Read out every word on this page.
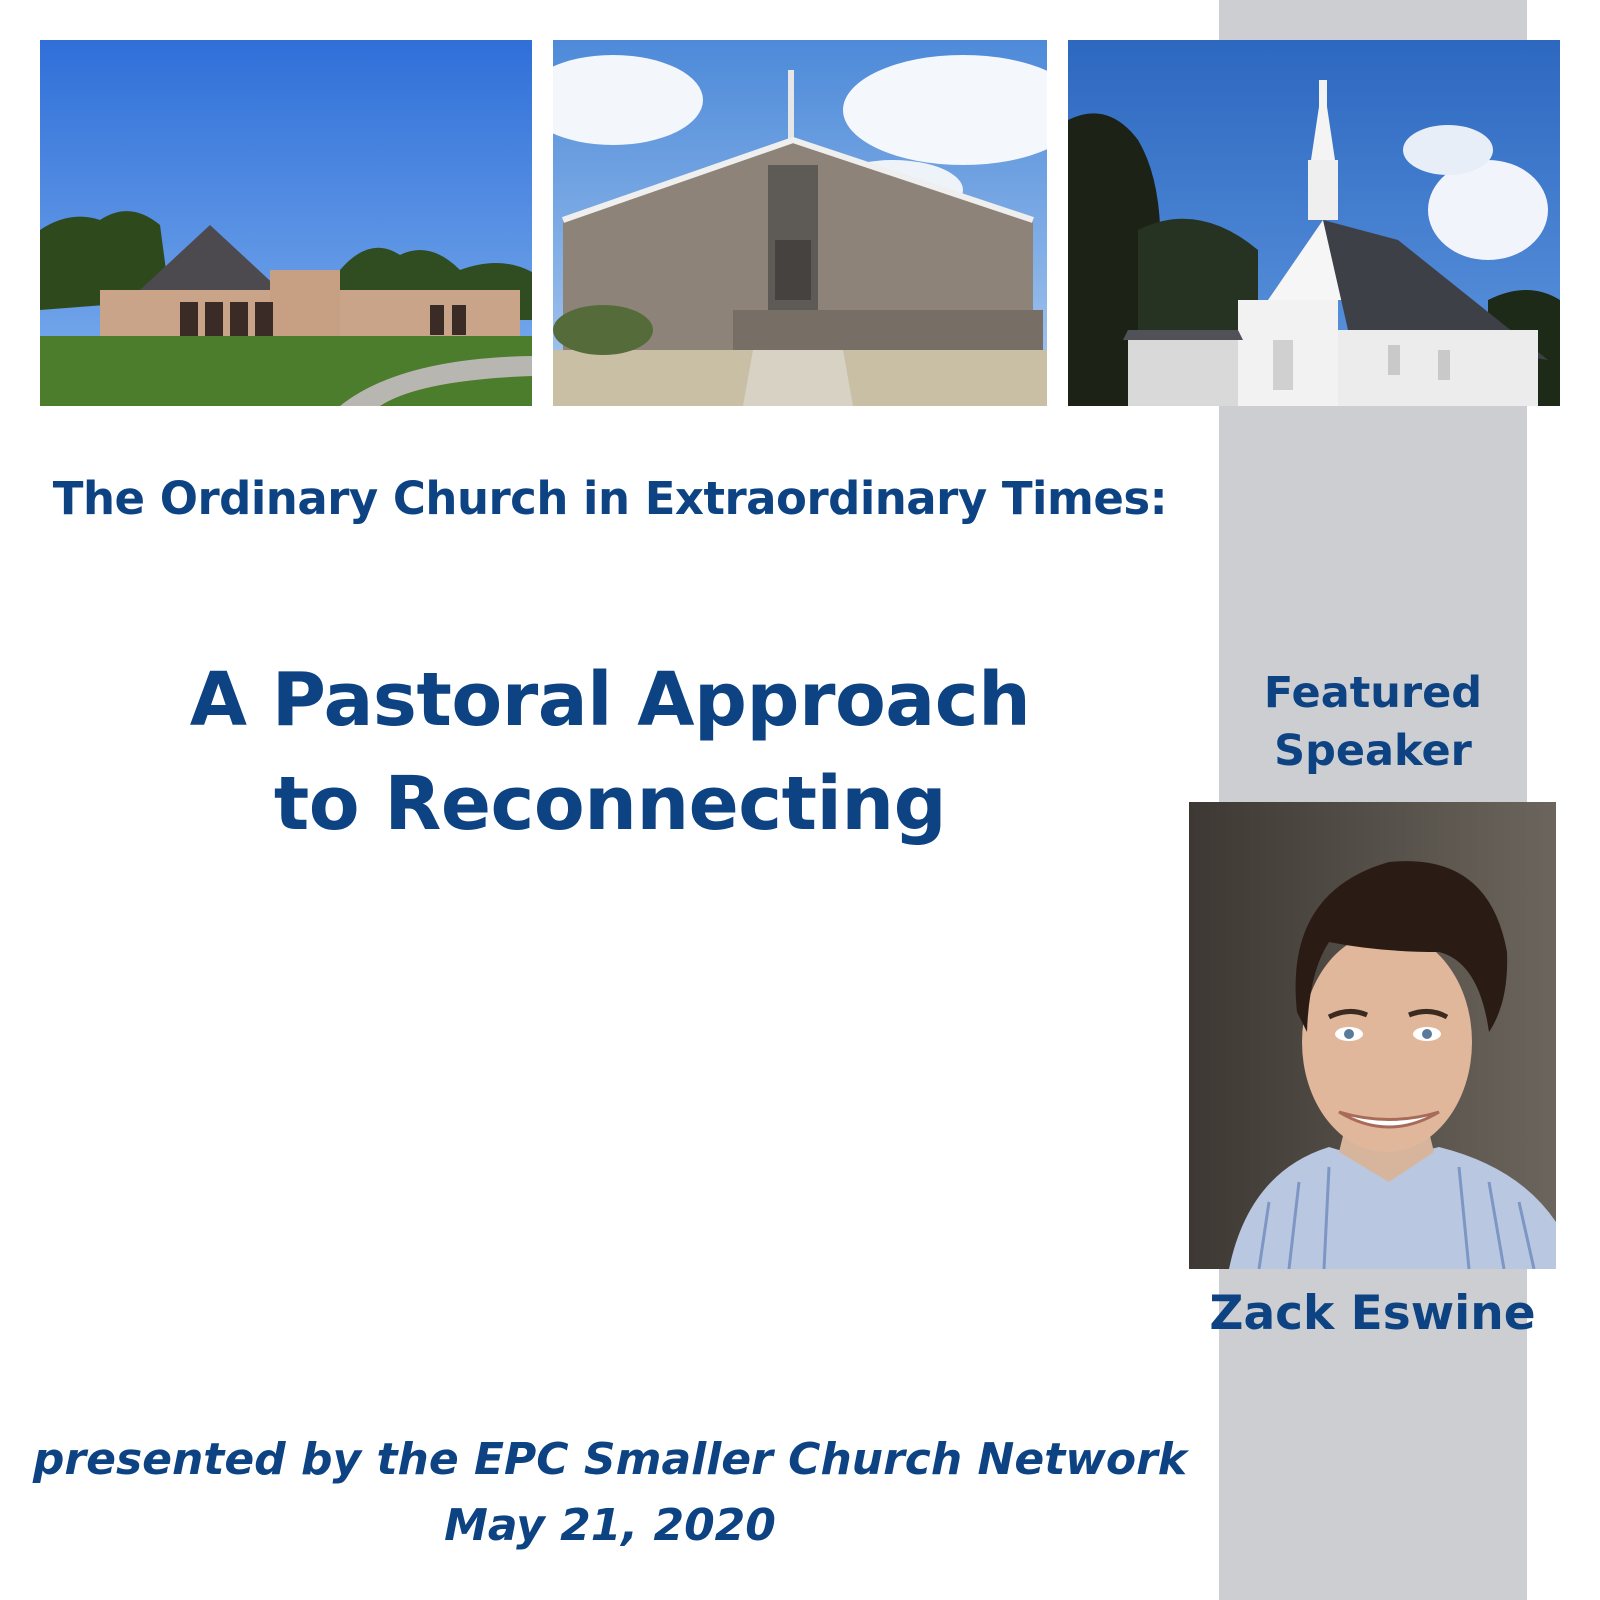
The Ordinary Church in Extraordinary Times:
A Pastoral Approach
to Reconnecting
Featured
Speaker
Zack Eswine
presented by the EPC Smaller Church Network
May 21, 2020
